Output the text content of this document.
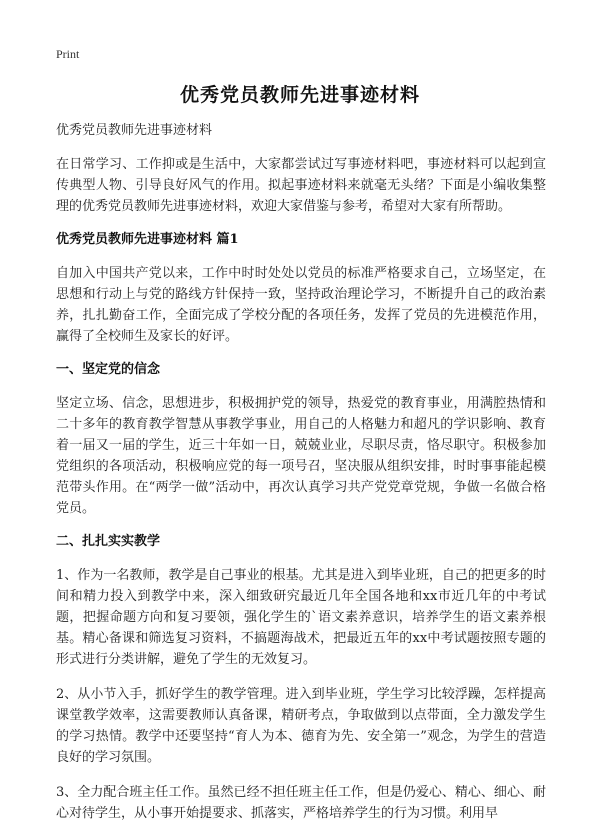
Print
优秀党员教师先进事迹材料

优秀党员教师先进事迹材料

在日常学习、工作抑或是生活中，大家都尝试过写事迹材料吧，事迹材料可以起到宣传典型人物、引导良好风气的作用。拟起事迹材料来就毫无头绪？下面是小编收集整理的优秀党员教师先进事迹材料，欢迎大家借鉴与参考，希望对大家有所帮助。

优秀党员教师先进事迹材料 篇1

自加入中国共产党以来，工作中时时处处以党员的标准严格要求自己，立场坚定，在思想和行动上与党的路线方针保持一致，坚持政治理论学习，不断提升自己的政治素养，扎扎勤奋工作，全面完成了学校分配的各项任务，发挥了党员的先进模范作用，赢得了全校师生及家长的好评。

一、坚定党的信念

坚定立场、信念，思想进步，积极拥护党的领导，热爱党的教育事业，用满腔热情和二十多年的教育教学智慧从事教学事业，用自己的人格魅力和超凡的学识影响、教育着一届又一届的学生，近三十年如一日，兢兢业业，尽职尽责，恪尽职守。积极参加党组织的各项活动，积极响应党的每一项号召，坚决服从组织安排，时时事事能起模范带头作用。在“两学一做”活动中，再次认真学习共产党党章党规，争做一名做合格党员。

二、扎扎实实教学

1、作为一名教师，教学是自己事业的根基。尤其是进入到毕业班，自己的把更多的时间和精力投入到教学中来，深入细致研究最近几年全国各地和xx市近几年的中考试题，把握命题方向和复习要领，强化学生的`语文素养意识，培养学生的语文素养根基。精心备课和筛选复习资料，不搞题海战术，把最近五年的xx中考试题按照专题的形式进行分类讲解，避免了学生的无效复习。

2、从小节入手，抓好学生的教学管理。进入到毕业班，学生学习比较浮躁，怎样提高课堂教学效率，这需要教师认真备课，精研考点，争取做到以点带面，全力激发学生的学习热情。教学中还要坚持“育人为本、德育为先、安全第一”观念，为学生的营造良好的学习氛围。

3、全力配合班主任工作。虽然已经不担任班主任工作，但是仍爱心、精心、细心、耐心对待学生，从小事开始提要求、抓落实，严格培养学生的行为习惯。利用早
